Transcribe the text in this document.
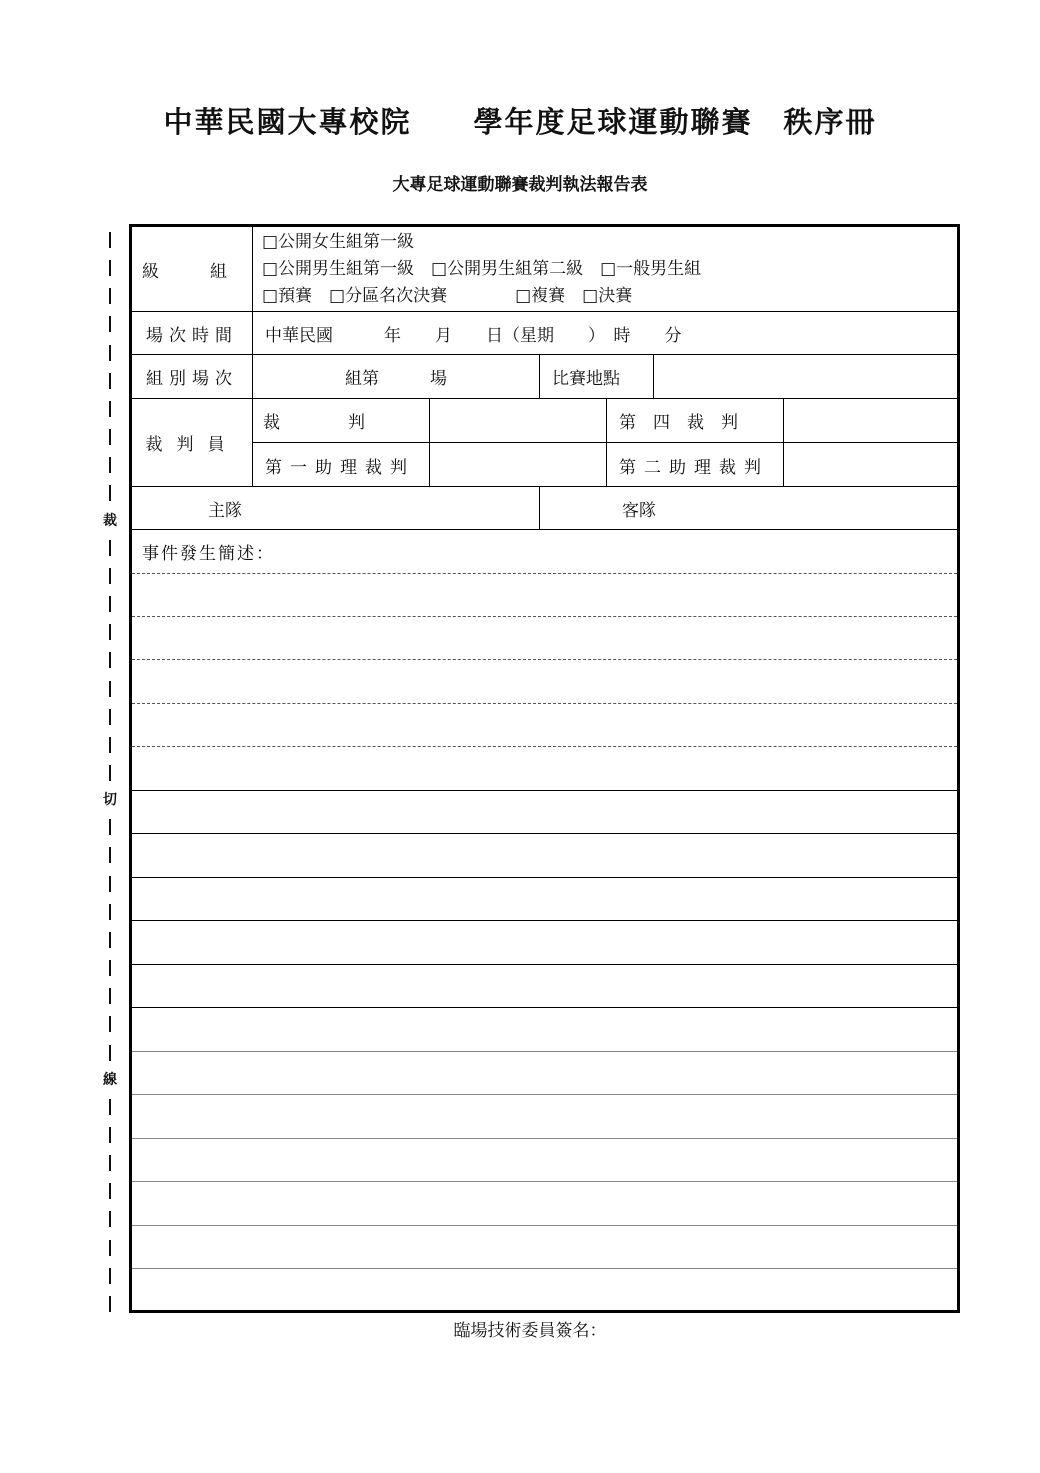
中華民國大專校院　　學年度足球運動聯賽　秩序冊
大專足球運動聯賽裁判執法報告表
裁
切
線
級　　　組
□公開女生組第一級
□公開男生組第一級　□公開男生組第二級　□一般男生組
□預賽　□分區名次決賽　　　　□複賽　□決賽
場次時間 中華民國　　　年　　月　　日（星期　　）　時　　分
組別場次	組第　　　場	比賽地點
裁判員
裁　　　　判	第四裁判
第一助理裁判	第二助理裁判
主隊	客隊
事件發生簡述：
臨場技術委員簽名：
